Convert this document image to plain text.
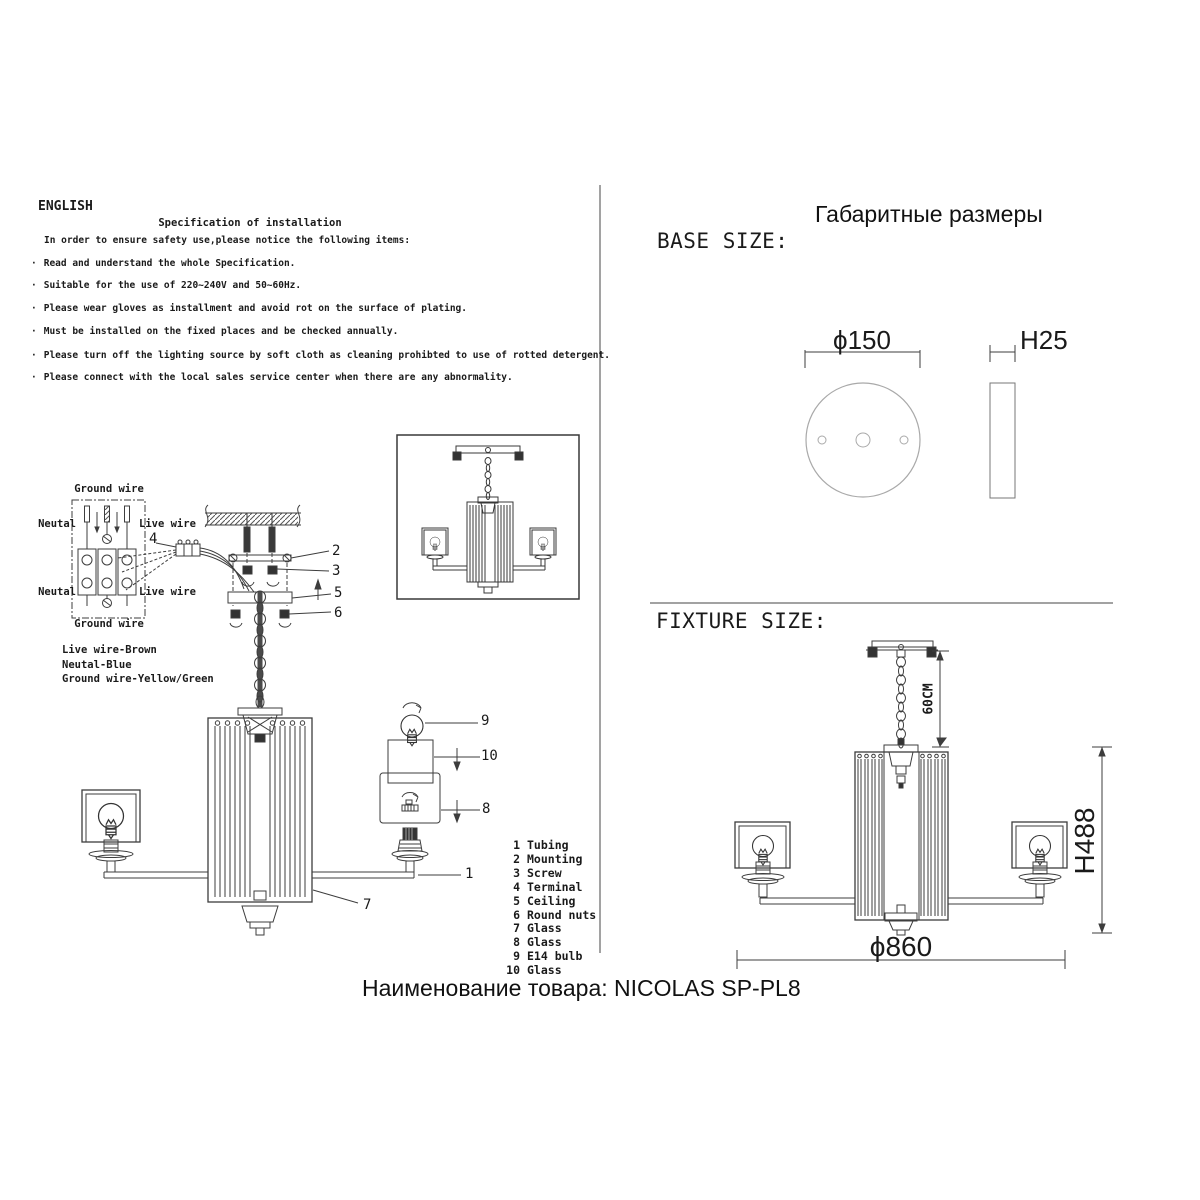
ENGLISH
Specification of installation
In order to ensure safety use,please notice the following items:
· Read and understand the whole Specification.
· Suitable for the use of 220~240V and 50~60Hz.
· Please wear gloves as installment and avoid rot on the surface of plating.
· Must be installed on the fixed places and be checked annually.
· Please turn off the lighting source by soft cloth as cleaning prohibted to use of rotted detergent.
· Please connect with the local sales service center when there are any abnormality.
Ground wire
Neutal	Live wire
Neutal	Live wire
Ground wire
Live wire-Brown
Neutal-Blue
Ground wire-Yellow/Green
4
2
3
5
6
9
10
8
1
7
1 Tubing
2 Mounting
3 Screw
4 Terminal
5 Ceiling
6 Round nuts
7 Glass
8 Glass
9 E14 bulb
10 Glass
Габаритные размеры
BASE SIZE:
ϕ150	H25
FIXTURE SIZE:
60CM
H488
ϕ860
Наименование товара: NICOLAS SP-PL8
